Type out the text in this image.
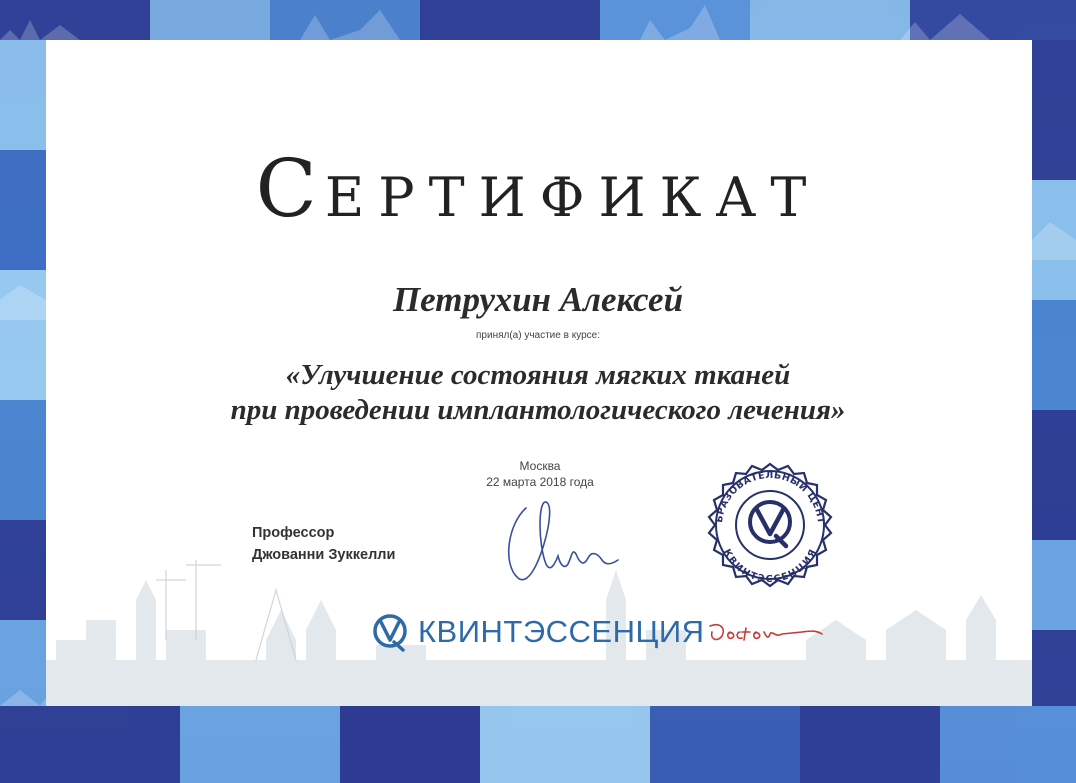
СЕРТИФИКАТ
Петрухин Алексей
принял(а) участие в курсе:
«Улучшение состояния мягких тканей
при проведении имплантологического лечения»
Москва
22 марта 2018 года
Профессор
Джованни Зуккелли
БРАЗОВАТЕЛЬНЫЙ ЦЕНТ
КВИНТЭССЕНЦИЯ
КВИНТЭССЕНЦИЯ
